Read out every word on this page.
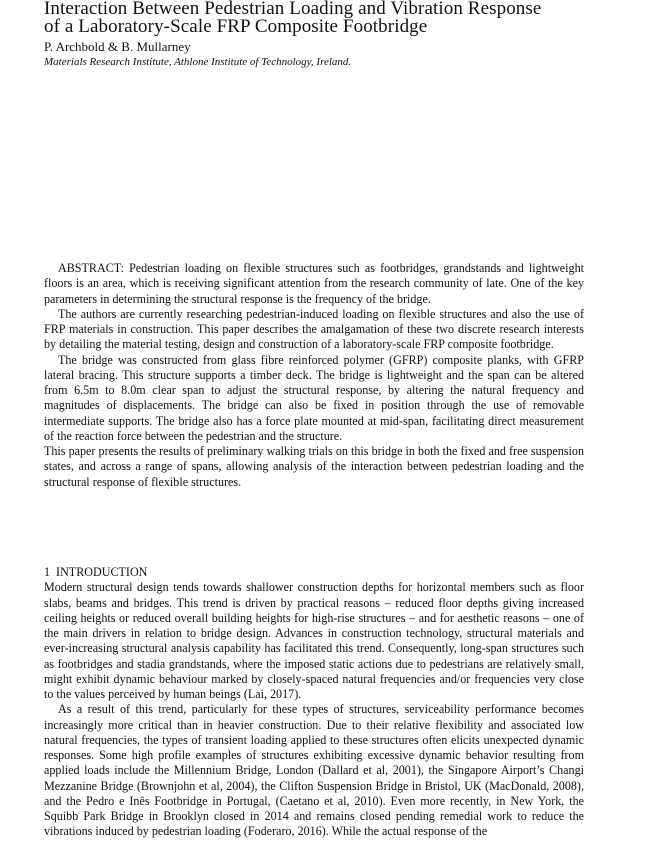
Interaction Between Pedestrian Loading and Vibration Response
of a Laboratory-Scale FRP Composite Footbridge
P. Archbold & B. Mullarney
Materials Research Institute, Athlone Institute of Technology, Ireland.

ABSTRACT: Pedestrian loading on flexible structures such as footbridges, grandstands and lightweight floors is an area, which is receiving significant attention from the research community of late. One of the key parameters in determining the structural response is the frequency of the bridge.

The authors are currently researching pedestrian-induced loading on flexible structures and also the use of FRP materials in construction. This paper describes the amalgamation of these two discrete research interests by detailing the material testing, design and construction of a laboratory-scale FRP composite footbridge.

The bridge was constructed from glass fibre reinforced polymer (GFRP) composite planks, with GFRP lateral bracing. This structure supports a timber deck. The bridge is lightweight and the span can be altered from 6.5m to 8.0m clear span to adjust the structural response, by altering the natural frequency and magnitudes of displacements. The bridge can also be fixed in position through the use of removable intermediate supports. The bridge also has a force plate mounted at mid-span, facilitating direct measurement of the reaction force between the pedestrian and the structure.

This paper presents the results of preliminary walking trials on this bridge in both the fixed and free suspension states, and across a range of spans, allowing analysis of the interaction between pedestrian loading and the structural response of flexible structures.

1 INTRODUCTION

Modern structural design tends towards shallower construction depths for horizontal members such as floor slabs, beams and bridges. This trend is driven by practical reasons – reduced floor depths giving increased ceiling heights or reduced overall building heights for high-rise structures – and for aesthetic reasons – one of the main drivers in relation to bridge design. Advances in construction technology, structural materials and ever-increasing structural analysis capability has facilitated this trend. Consequently, long-span structures such as footbridges and stadia grandstands, where the imposed static actions due to pedestrians are relatively small, might exhibit dynamic behaviour marked by closely-spaced natural frequencies and/or frequencies very close to the values perceived by human beings (Lai, 2017).

As a result of this trend, particularly for these types of structures, serviceability performance becomes increasingly more critical than in heavier construction. Due to their relative flexibility and associated low natural frequencies, the types of transient loading applied to these structures often elicits unexpected dynamic responses. Some high profile examples of structures exhibiting excessive dynamic behavior resulting from applied loads include the Millennium Bridge, London (Dallard et al, 2001), the Singapore Airport’s Changi Mezzanine Bridge (Brownjohn et al, 2004), the Clifton Suspension Bridge in Bristol, UK (MacDonald, 2008), and the Pedro e Inês Footbridge in Portugal, (Caetano et al, 2010). Even more recently, in New York, the Squibb Park Bridge in Brooklyn closed in 2014 and remains closed pending remedial work to reduce the vibrations induced by pedestrian loading (Foderaro, 2016). While the actual response of the
